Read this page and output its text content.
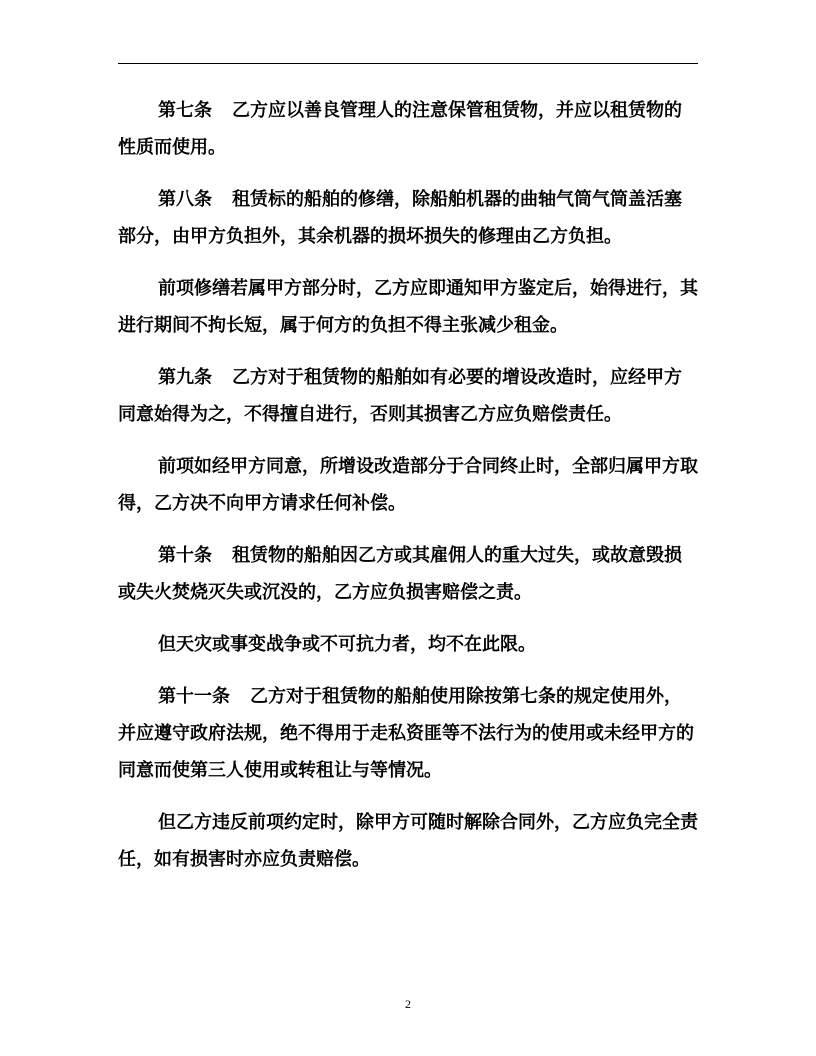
第七条 乙方应以善良管理人的注意保管租赁物，并应以租赁物的性质而使用。

第八条 租赁标的船舶的修缮，除船舶机器的曲轴气筒气筒盖活塞部分，由甲方负担外，其余机器的损坏损失的修理由乙方负担。

前项修缮若属甲方部分时，乙方应即通知甲方鉴定后，始得进行，其进行期间不拘长短，属于何方的负担不得主张减少租金。

第九条 乙方对于租赁物的船舶如有必要的增设改造时，应经甲方同意始得为之，不得擅自进行，否则其损害乙方应负赔偿责任。

前项如经甲方同意，所增设改造部分于合同终止时，全部归属甲方取得，乙方决不向甲方请求任何补偿。

第十条 租赁物的船舶因乙方或其雇佣人的重大过失，或故意毁损或失火焚烧灭失或沉没的，乙方应负损害赔偿之责。

但天灾或事变战争或不可抗力者，均不在此限。

第十一条 乙方对于租赁物的船舶使用除按第七条的规定使用外，并应遵守政府法规，绝不得用于走私资匪等不法行为的使用或未经甲方的同意而使第三人使用或转租让与等情况。

但乙方违反前项约定时，除甲方可随时解除合同外，乙方应负完全责任，如有损害时亦应负责赔偿。

2
